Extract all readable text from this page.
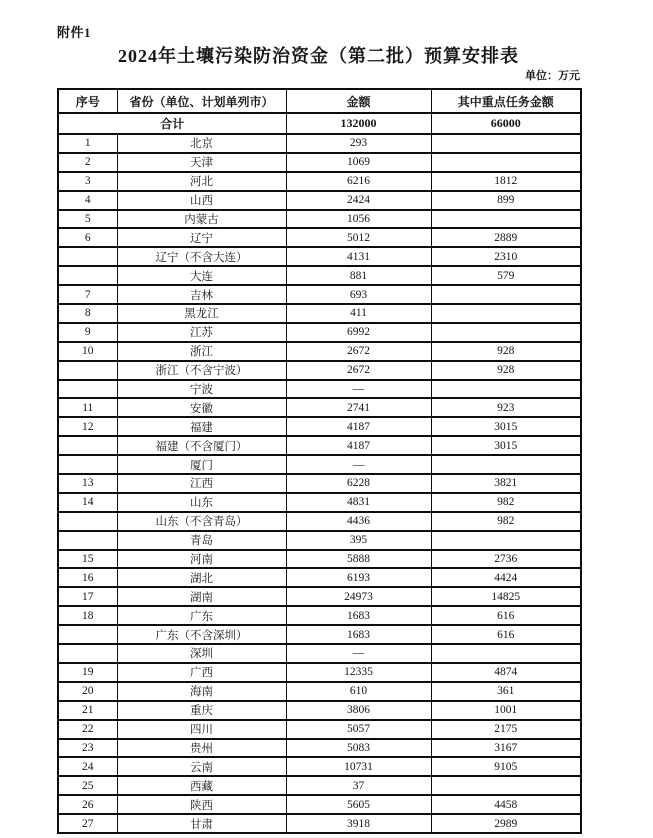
附件1
2024年土壤污染防治资金（第二批）预算安排表
单位：万元
序号	省份（单位、计划单列市）	金额	其中重点任务金额
合计		132000	66000
1	北京	293	
2	天津	1069	
3	河北	6216	1812
4	山西	2424	899
5	内蒙古	1056	
6	辽宁	5012	2889
	辽宁（不含大连）	4131	2310
	大连	881	579
7	吉林	693	
8	黑龙江	411	
9	江苏	6992	
10	浙江	2672	928
	浙江（不含宁波）	2672	928
	宁波	—	
11	安徽	2741	923
12	福建	4187	3015
	福建（不含厦门）	4187	3015
	厦门	—	
13	江西	6228	3821
14	山东	4831	982
	山东（不含青岛）	4436	982
	青岛	395	
15	河南	5888	2736
16	湖北	6193	4424
17	湖南	24973	14825
18	广东	1683	616
	广东（不含深圳）	1683	616
	深圳	—	
19	广西	12335	4874
20	海南	610	361
21	重庆	3806	1001
22	四川	5057	2175
23	贵州	5083	3167
24	云南	10731	9105
25	西藏	37	
26	陕西	5605	4458
27	甘肃	3918	2989
